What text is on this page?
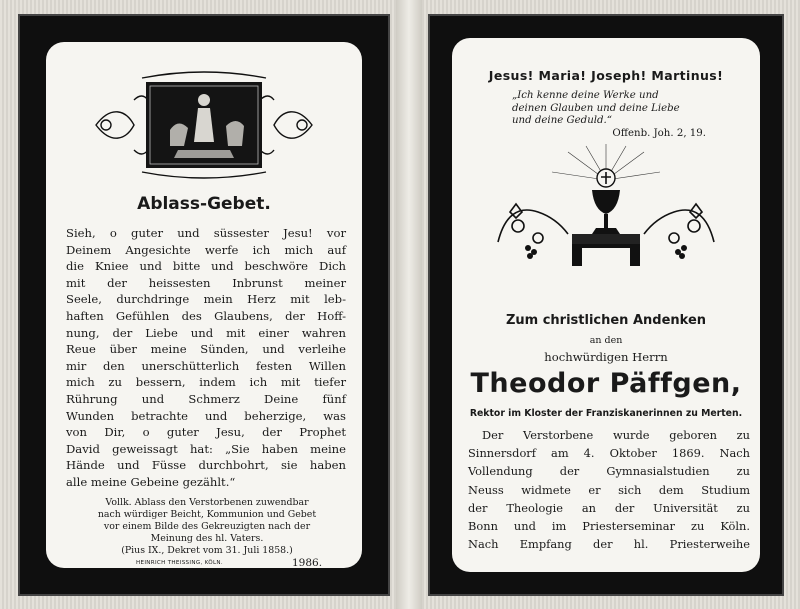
Ablass-Gebet.
Sieh, o guter und süssester Jesu! vor
Deinem Angesichte werfe ich mich auf
die Kniee und bitte und beschwöre Dich
mit der heissesten Inbrunst meiner
Seele, durchdringe mein Herz mit leb-
haften Gefühlen des Glaubens, der Hoff-
nung, der Liebe und mit einer wahren
Reue über meine Sünden, und verleihe
mir den unerschütterlich festen Willen
mich zu bessern, indem ich mit tiefer
Rührung und Schmerz Deine fünf
Wunden betrachte und beherzige, was
von Dir, o guter Jesu, der Prophet
David geweissagt hat: „Sie haben meine
Hände und Füsse durchbohrt, sie haben
alle meine Gebeine gezählt.“
Vollk. Ablass den Verstorbenen zuwendbar
nach würdiger Beicht, Kommunion und Gebet
vor einem Bilde des Gekreuzigten nach der
Meinung des hl. Vaters.
(Pius IX., Dekret vom 31. Juli 1858.)
HEINRICH THEISSING, KÖLN.	1986.
Jesus! Maria! Joseph! Martinus!
„Ich kenne deine Werke und
deinen Glauben und deine Liebe
und deine Geduld.“
Offenb. Joh. 2, 19.
Zum christlichen Andenken
an den
hochwürdigen Herrn
Theodor Päffgen,
Rektor im Kloster der Franziskanerinnen zu Merten.
Der Verstorbene wurde geboren zu
Sinnersdorf am 4. Oktober 1869. Nach
Vollendung der Gymnasialstudien zu
Neuss widmete er sich dem Studium
der Theologie an der Universität zu
Bonn und im Priesterseminar zu Köln.
Nach Empfang der hl. Priesterweihe
